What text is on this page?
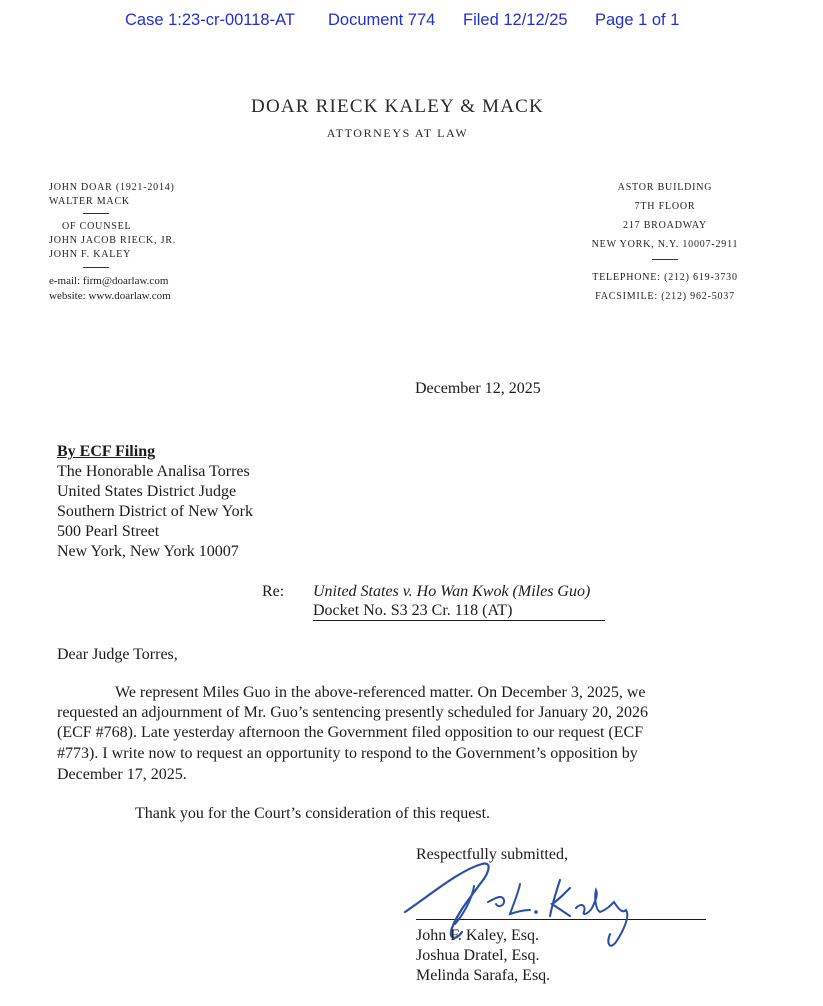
Case 1:23-cr-00118-AT Document 774 Filed 12/12/25 Page 1 of 1
DOAR RIECK KALEY & MACK
ATTORNEYS AT LAW
JOHN DOAR (1921-2014)
WALTER MACK
OF COUNSEL
JOHN JACOB RIECK, JR.
JOHN F. KALEY
e-mail: firm@doarlaw.com
website: www.doarlaw.com
ASTOR BUILDING
7TH FLOOR
217 BROADWAY
NEW YORK, N.Y. 10007-2911
TELEPHONE: (212) 619-3730
FACSIMILE: (212) 962-5037
December 12, 2025
By ECF Filing
The Honorable Analisa Torres
United States District Judge
Southern District of New York
500 Pearl Street
New York, New York 10007
Re: United States v. Ho Wan Kwok (Miles Guo)
Docket No. S3 23 Cr. 118 (AT)
Dear Judge Torres,
We represent Miles Guo in the above-referenced matter. On December 3, 2025, we
requested an adjournment of Mr. Guo’s sentencing presently scheduled for January 20, 2026
(ECF #768). Late yesterday afternoon the Government filed opposition to our request (ECF
#773). I write now to request an opportunity to respond to the Government’s opposition by
December 17, 2025.
Thank you for the Court’s consideration of this request.
Respectfully submitted,
John F. Kaley, Esq.
Joshua Dratel, Esq.
Melinda Sarafa, Esq.
